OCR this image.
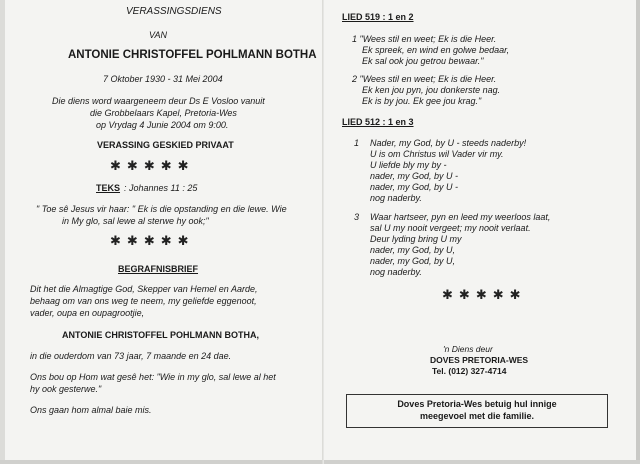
VERASSINGSDIENS
VAN
ANTONIE CHRISTOFFEL POHLMANN BOTHA
7 Oktober 1930 - 31 Mei 2004
Die diens word waargeneem deur Ds E Vosloo vanuit
die Grobbelaars Kapel, Pretoria-Wes
op Vrydag 4 Junie 2004 om 9:00.
VERASSING GESKIED PRIVAAT
✱ ✱ ✱ ✱ ✱
TEKS : Johannes 11 : 25
" Toe sê Jesus vir haar: " Ek is die opstanding en die lewe. Wie
in My glo, sal lewe al sterwe hy ook;"
✱ ✱ ✱ ✱ ✱
BEGRAFNISBRIEF
Dit het die Almagtige God, Skepper van Hemel en Aarde,
behaag om van ons weg te neem, my geliefde eggenoot,
vader, oupa en oupagrootjie,
ANTONIE CHRISTOFFEL POHLMANN BOTHA,
in die ouderdom van 73 jaar, 7 maande en 24 dae.
Ons bou op Hom wat gesê het: "Wie in my glo, sal lewe al het
hy ook gesterwe."
Ons gaan hom almal baie mis.
LIED 519 : 1 en 2
1 "Wees stil en weet; Ek is die Heer.
Ek spreek, en wind en golwe bedaar,
Ek sal ook jou getrou bewaar."
2 "Wees stil en weet; Ek is die Heer.
Ek ken jou pyn, jou donkerste nag.
Ek is by jou. Ek gee jou krag."
LIED 512 : 1 en 3
1 Nader, my God, by U - steeds naderby!
U is om Christus wil Vader vir my.
U liefde bly my by -
nader, my God, by U -
nader, my God, by U -
nog naderby.
3 Waar hartseer, pyn en leed my weerloos laat,
sal U my nooit vergeet; my nooit verlaat.
Deur lyding bring U my
nader, my God, by U,
nader, my God, by U,
nog naderby.
✱ ✱ ✱ ✱ ✱
'n Diens deur
DOVES PRETORIA-WES
Tel. (012) 327-4714
Doves Pretoria-Wes betuig hul innige
meegevoel met die familie.
